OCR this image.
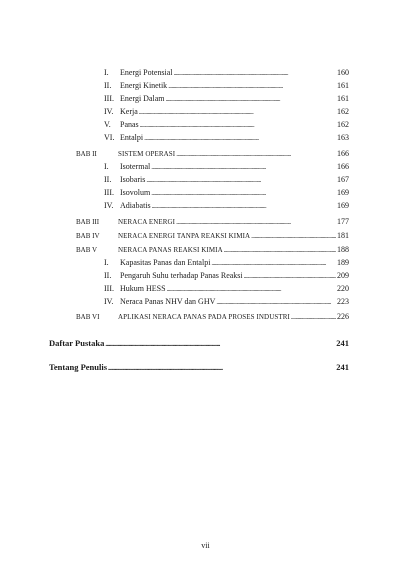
I.	Energi Potensial . . .	160
II.	Energi Kinetik . . .	161
III. Energi Dalam . . .	161
IV. Kerja . . .	162
V.	Panas . . .	162
VI. Entalpi . . .	163
BAB II	SISTEM OPERASI . . .	166
I.	Isotermal . . .	166
II.	Isobaris . . .	167
III. Isovolum . . .	169
IV. Adiabatis . . .	169
BAB III	NERACA ENERGI . . .	177
BAB IV	NERACA ENERGI TANPA REAKSI KIMIA . . .	181
BAB V	NERACA PANAS REAKSI KIMIA . . .	188
I.	Kapasitas Panas dan Entalpi . . .	189
II.	Pengaruh Suhu terhadap Panas Reaksi . . .	209
III. Hukum HESS . . .	220
IV. Neraca Panas NHV dan GHV . . .	223
BAB VI	APLIKASI NERACA PANAS PADA PROSES INDUSTRI . . .	226
Daftar Pustaka . . .	241
Tentang Penulis . . .	241
vii
